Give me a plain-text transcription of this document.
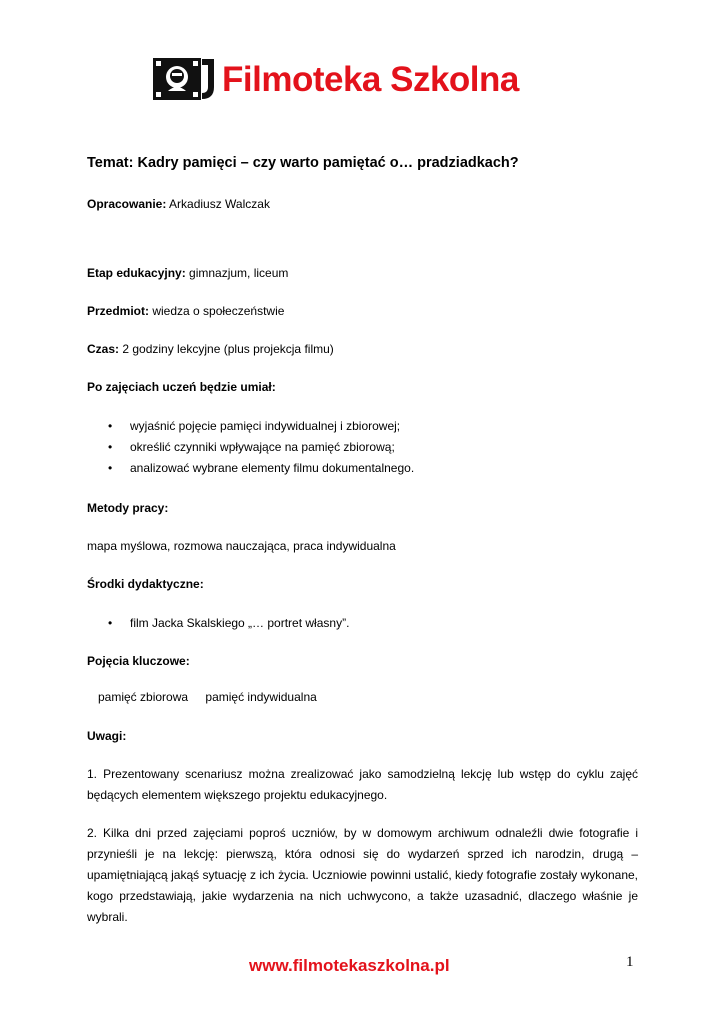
Filmoteka Szkolna
Temat: Kadry pamięci – czy warto pamiętać o… pradziadkach?
Opracowanie: Arkadiusz Walczak
Etap edukacyjny: gimnazjum, liceum
Przedmiot: wiedza o społeczeństwie
Czas: 2 godziny lekcyjne (plus projekcja filmu)
Po zajęciach uczeń będzie umiał:
• wyjaśnić pojęcie pamięci indywidualnej i zbiorowej;
• określić czynniki wpływające na pamięć zbiorową;
• analizować wybrane elementy filmu dokumentalnego.
Metody pracy:
mapa myślowa, rozmowa nauczająca, praca indywidualna
Środki dydaktyczne:
• film Jacka Skalskiego „… portret własny”.
Pojęcia kluczowe:
pamięć zbiorowa pamięć indywidualna
Uwagi:
1. Prezentowany scenariusz można zrealizować jako samodzielną lekcję lub wstęp do cyklu zajęć będących elementem większego projektu edukacyjnego.
2. Kilka dni przed zajęciami poproś uczniów, by w domowym archiwum odnaleźli dwie fotografie i przynieśli je na lekcję: pierwszą, która odnosi się do wydarzeń sprzed ich narodzin, drugą – upamiętniającą jakąś sytuację z ich życia. Uczniowie powinni ustalić, kiedy fotografie zostały wykonane, kogo przedstawiają, jakie wydarzenia na nich uchwycono, a także uzasadnić, dlaczego właśnie je wybrali.
www.filmotekaszkolna.pl	1
